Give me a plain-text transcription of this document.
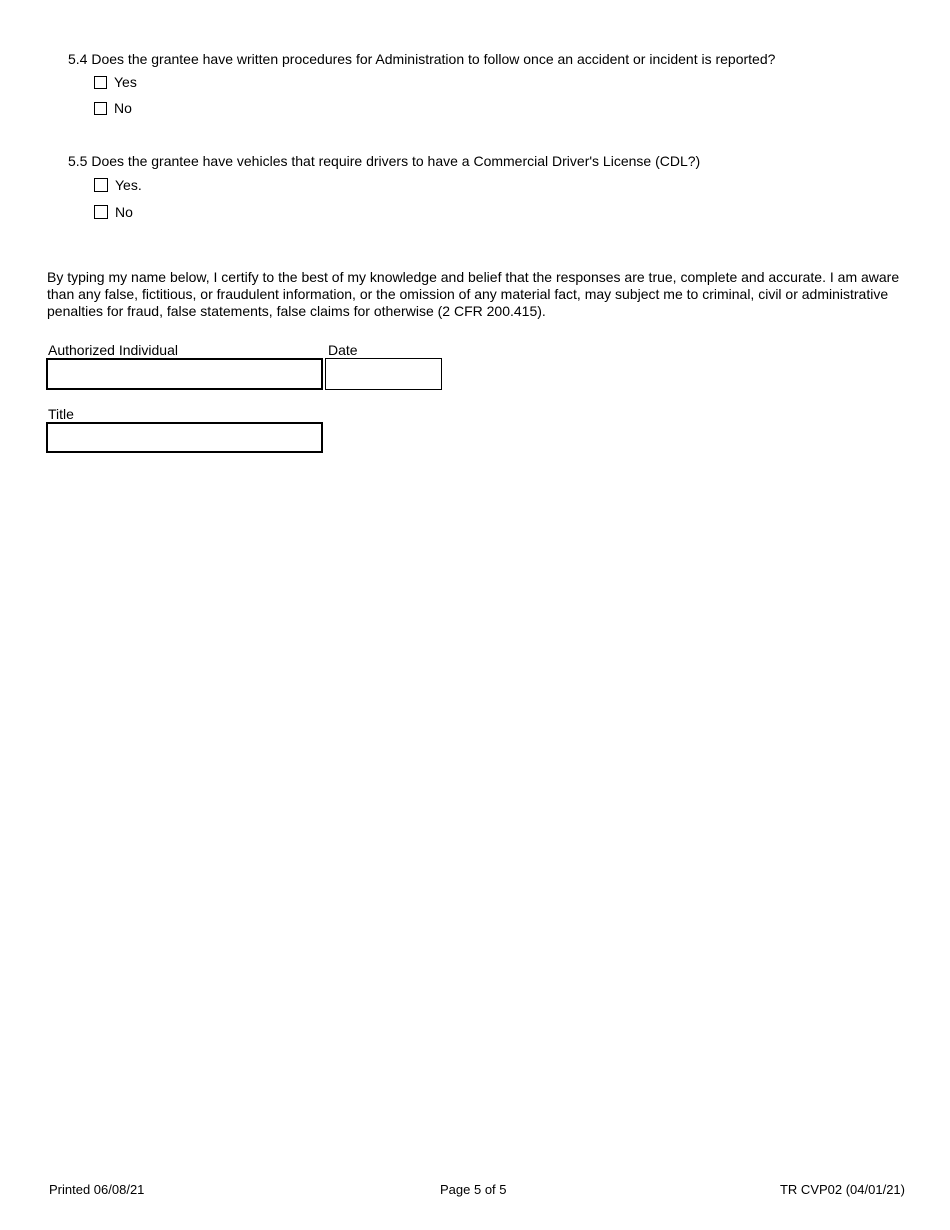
5.4 Does the grantee have written procedures for Administration to follow once an accident or incident is reported?
Yes
No
5.5 Does the grantee have vehicles that require drivers to have a Commercial Driver's License (CDL?)
Yes.
No
By typing my name below, I certify to the best of my knowledge and belief that the responses are true, complete and accurate. I am aware than any false, fictitious, or fraudulent information, or the omission of any material fact, may subject me to criminal, civil or administrative penalties for fraud, false statements, false claims for otherwise (2 CFR 200.415).
Authorized Individual	Date
Title
Printed 06/08/21	Page 5 of 5	TR CVP02 (04/01/21)
